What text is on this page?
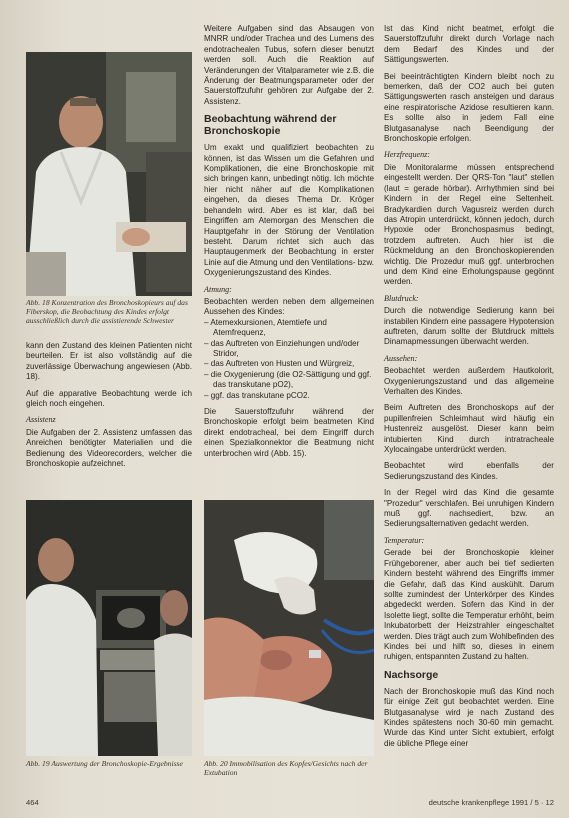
Abb. 18 Konzentration des Bronchoskopieurs auf das Fiberskop, die Beobachtung des Kindes erfolgt ausschließlich durch die assistierende Schwester

kann den Zustand des kleinen Patienten nicht beurteilen. Er ist also vollständig auf die zuverlässige Überwachung angewiesen (Abb. 18).

Auf die apparative Beobachtung werde ich gleich noch eingehen.

Assistenz

Die Aufgaben der 2. Assistenz umfassen das Anreichen benötigter Materialien und die Bedienung des Videorecorders, welcher die Bronchoskopie aufzeichnet.

Abb. 19 Auswertung der Bronchoskopie-Ergebnisse

Weitere Aufgaben sind das Absaugen von MNRR und/oder Trachea und des Lumens des endotrachealen Tubus, sofern dieser benutzt werden soll. Auch die Reaktion auf Veränderungen der Vitalparameter wie z.B. die Änderung der Beatmungsparameter oder der Sauerstoffzufuhr gehören zur Aufgabe der 2. Assistenz.

Beobachtung während der Bronchoskopie

Um exakt und qualifiziert beobachten zu können, ist das Wissen um die Gefahren und Komplikationen, die eine Bronchoskopie mit sich bringen kann, unbedingt nötig. Ich möchte hier nicht näher auf die Komplikationen eingehen, da dieses Thema Dr. Kröger behandeln wird. Aber es ist klar, daß bei Eingriffen am Atemorgan des Menschen die Hauptgefahr in der Störung der Ventilation besteht. Darum richtet sich auch das Hauptaugenmerk der Beobachtung in erster Linie auf die Atmung und den Ventilations- bzw. Oxygenierungszustand des Kindes.

Atmung:

Beobachten werden neben dem allgemeinen Aussehen des Kindes:

– Atemexkursionen, Atemtiefe und Atemfrequenz,
– das Auftreten von Einziehungen und/oder Stridor,
– das Auftreten von Husten und Würgreiz,
– die Oxygenierung (die O2-Sättigung und ggf. das transkutane pO2),
– ggf. das transkutane pCO2.

Die Sauerstoffzufuhr während der Bronchoskopie erfolgt beim beatmeten Kind direkt endotracheal, bei dem Eingriff durch einen Spezialkonnektor die Beatmung nicht unterbrochen wird (Abb. 15).

Abb. 20 Immobilisation des Kopfes/Gesichts nach der Extubation

Ist das Kind nicht beatmet, erfolgt die Sauerstoffzufuhr direkt durch Vorlage nach dem Bedarf des Kindes und der Sättigungswerten.

Bei beeinträchtigten Kindern bleibt noch zu bemerken, daß der CO2 auch bei guten Sättigungswerten rasch ansteigen und daraus eine respiratorische Azidose resultieren kann. Es sollte also in jedem Fall eine Blutgasanalyse nach Beendigung der Bronchoskopie erfolgen.

Herzfrequenz:

Die Monitoralarme müssen entsprechend eingestellt werden. Der QRS-Ton "laut" stellen (laut = gerade hörbar). Arrhythmien sind bei Kindern in der Regel eine Seltenheit. Bradykardien durch Vagusreiz werden durch das Atropin unterdrückt, können jedoch, durch Hypoxie oder Bronchospasmus bedingt, trotzdem auftreten. Auch hier ist die Rückmeldung an den Bronchoskopierenden wichtig. Die Prozedur muß ggf. unterbrochen und dem Kind eine Erholungspause gegönnt werden.

Blutdruck:

Durch die notwendige Sedierung kann bei instabilen Kindern eine passagere Hypotension auftreten, darum sollte der Blutdruck mittels Dinamapmessungen überwacht werden.

Aussehen:

Beobachtet werden außerdem Hautkolorit, Oxygenierungszustand und das allgemeine Verhalten des Kindes.

Beim Auftreten des Bronchoskops auf der pupillenfreien Schleimhaut wird häufig ein Hustenreiz ausgelöst. Dieser kann beim intubierten Kind durch intratracheale Xylocaingabe unterdrückt werden.

Beobachtet wird ebenfalls der Sedierungszustand des Kindes.

In der Regel wird das Kind die gesamte "Prozedur" verschlafen. Bei unruhigen Kindern muß ggf. nachsediert, bzw. an Sedierungsalternativen gedacht werden.

Temperatur:

Gerade bei der Bronchoskopie kleiner Frühgeborener, aber auch bei tief sedierten Kindern besteht während des Eingriffs immer die Gefahr, daß das Kind auskühlt. Darum sollte zumindest der Unterkörper des Kindes abgedeckt werden. Sofern das Kind in der Isolette liegt, sollte die Temperatur erhöht, beim Inkubatorbett der Heizstrahler eingeschaltet werden. Dies trägt auch zum Wohlbefinden des Kindes bei und hilft so, dieses in einem ruhigen, entspannten Zustand zu halten.

Nachsorge

Nach der Bronchoskopie muß das Kind noch für einige Zeit gut beobachtet werden. Eine Blutgasanalyse wird je nach Zustand des Kindes spätestens noch 30-60 min gemacht. Wurde das Kind unter Sicht extubiert, erfolgt die übliche Pflege einer

464	deutsche krankenpflege 1991 / 5 · 12
